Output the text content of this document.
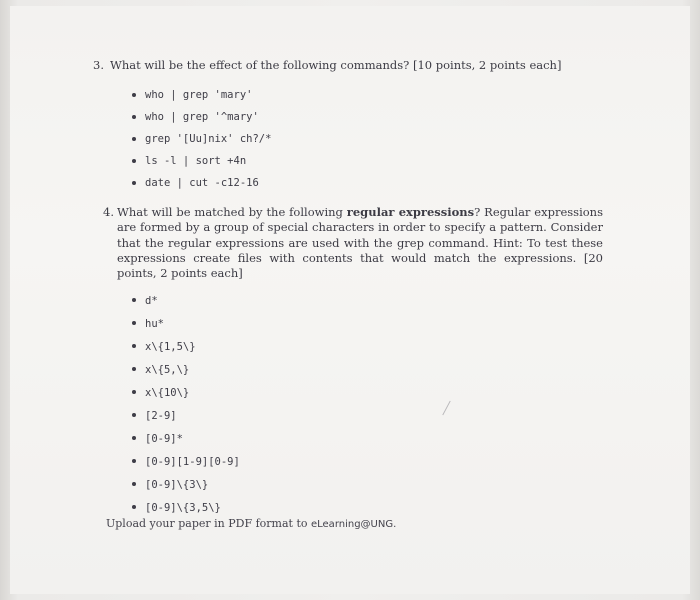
3. What will be the effect of the following commands? [10 points, 2 points each]
who | grep 'mary'
who | grep '^mary'
grep '[Uu]nix' ch?/*
ls -l | sort +4n
date | cut -c12-16
4. What will be matched by the following regular expressions? Regular expressions are formed by a group of special characters in order to specify a pattern. Consider that the regular expressions are used with the grep command. Hint: To test these expressions create files with contents that would match the expressions. [20 points, 2 points each]
d*
hu*
x\{1,5\}
x\{5,\}
x\{10\}
[2-9]
[0-9]*
[0-9][1-9][0-9]
[0-9]\{3\}
[0-9]\{3,5\}
Upload your paper in PDF format to eLearning@UNG.
